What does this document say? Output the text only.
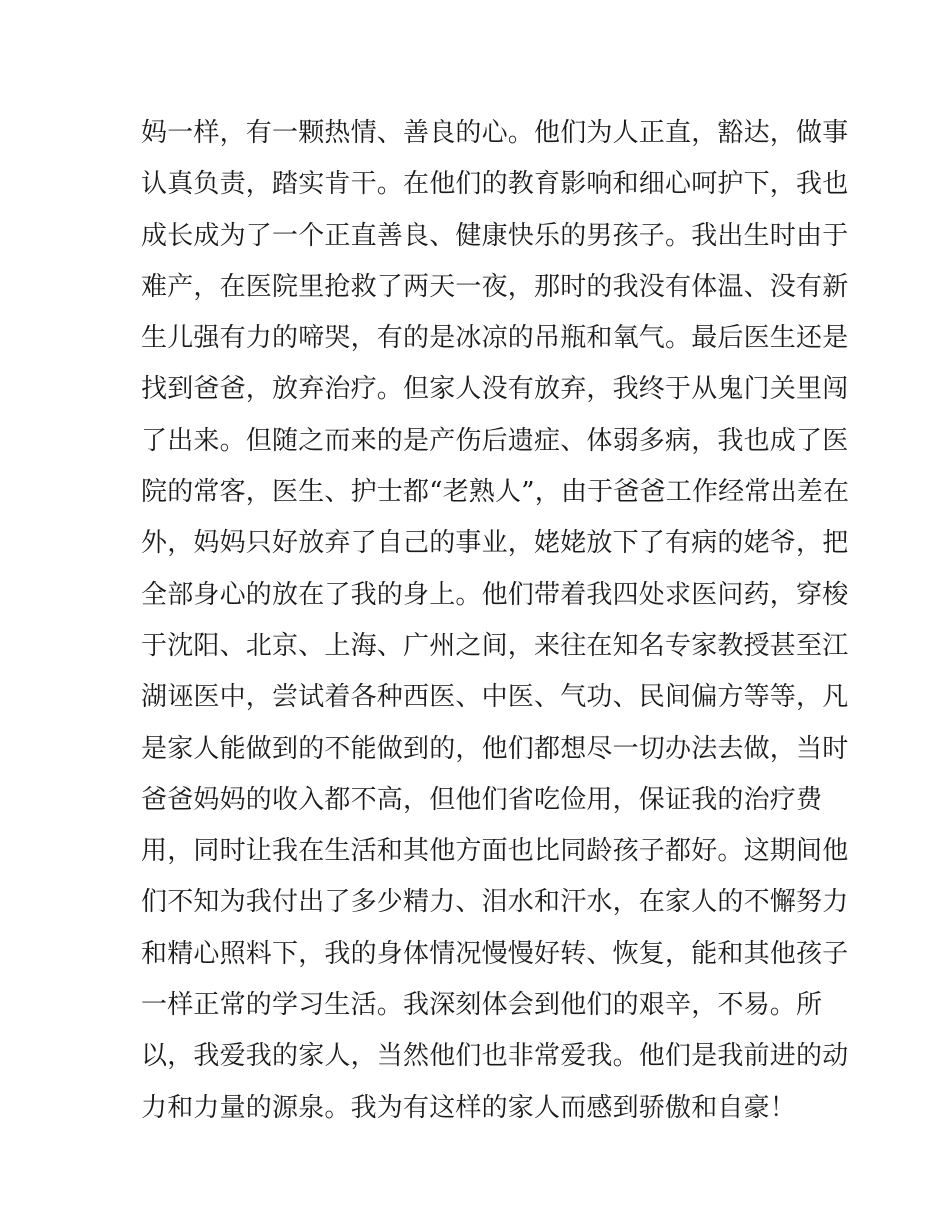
妈一样，有一颗热情、善良的心。他们为人正直，豁达，做事
认真负责，踏实肯干。在他们的教育影响和细心呵护下，我也
成长成为了一个正直善良、健康快乐的男孩子。我出生时由于
难产，在医院里抢救了两天一夜，那时的我没有体温、没有新
生儿强有力的啼哭，有的是冰凉的吊瓶和氧气。最后医生还是
找到爸爸，放弃治疗。但家人没有放弃，我终于从鬼门关里闯
了出来。但随之而来的是产伤后遗症、体弱多病，我也成了医
院的常客，医生、护士都“老熟人”，由于爸爸工作经常出差在
外，妈妈只好放弃了自己的事业，姥姥放下了有病的姥爷，把
全部身心的放在了我的身上。他们带着我四处求医问药，穿梭
于沈阳、北京、上海、广州之间，来往在知名专家教授甚至江
湖诬医中，尝试着各种西医、中医、气功、民间偏方等等，凡
是家人能做到的不能做到的，他们都想尽一切办法去做，当时
爸爸妈妈的收入都不高，但他们省吃俭用，保证我的治疗费
用，同时让我在生活和其他方面也比同龄孩子都好。这期间他
们不知为我付出了多少精力、泪水和汗水，在家人的不懈努力
和精心照料下，我的身体情况慢慢好转、恢复，能和其他孩子
一样正常的学习生活。我深刻体会到他们的艰辛，不易。所
以，我爱我的家人，当然他们也非常爱我。他们是我前进的动
力和力量的源泉。我为有这样的家人而感到骄傲和自豪！
